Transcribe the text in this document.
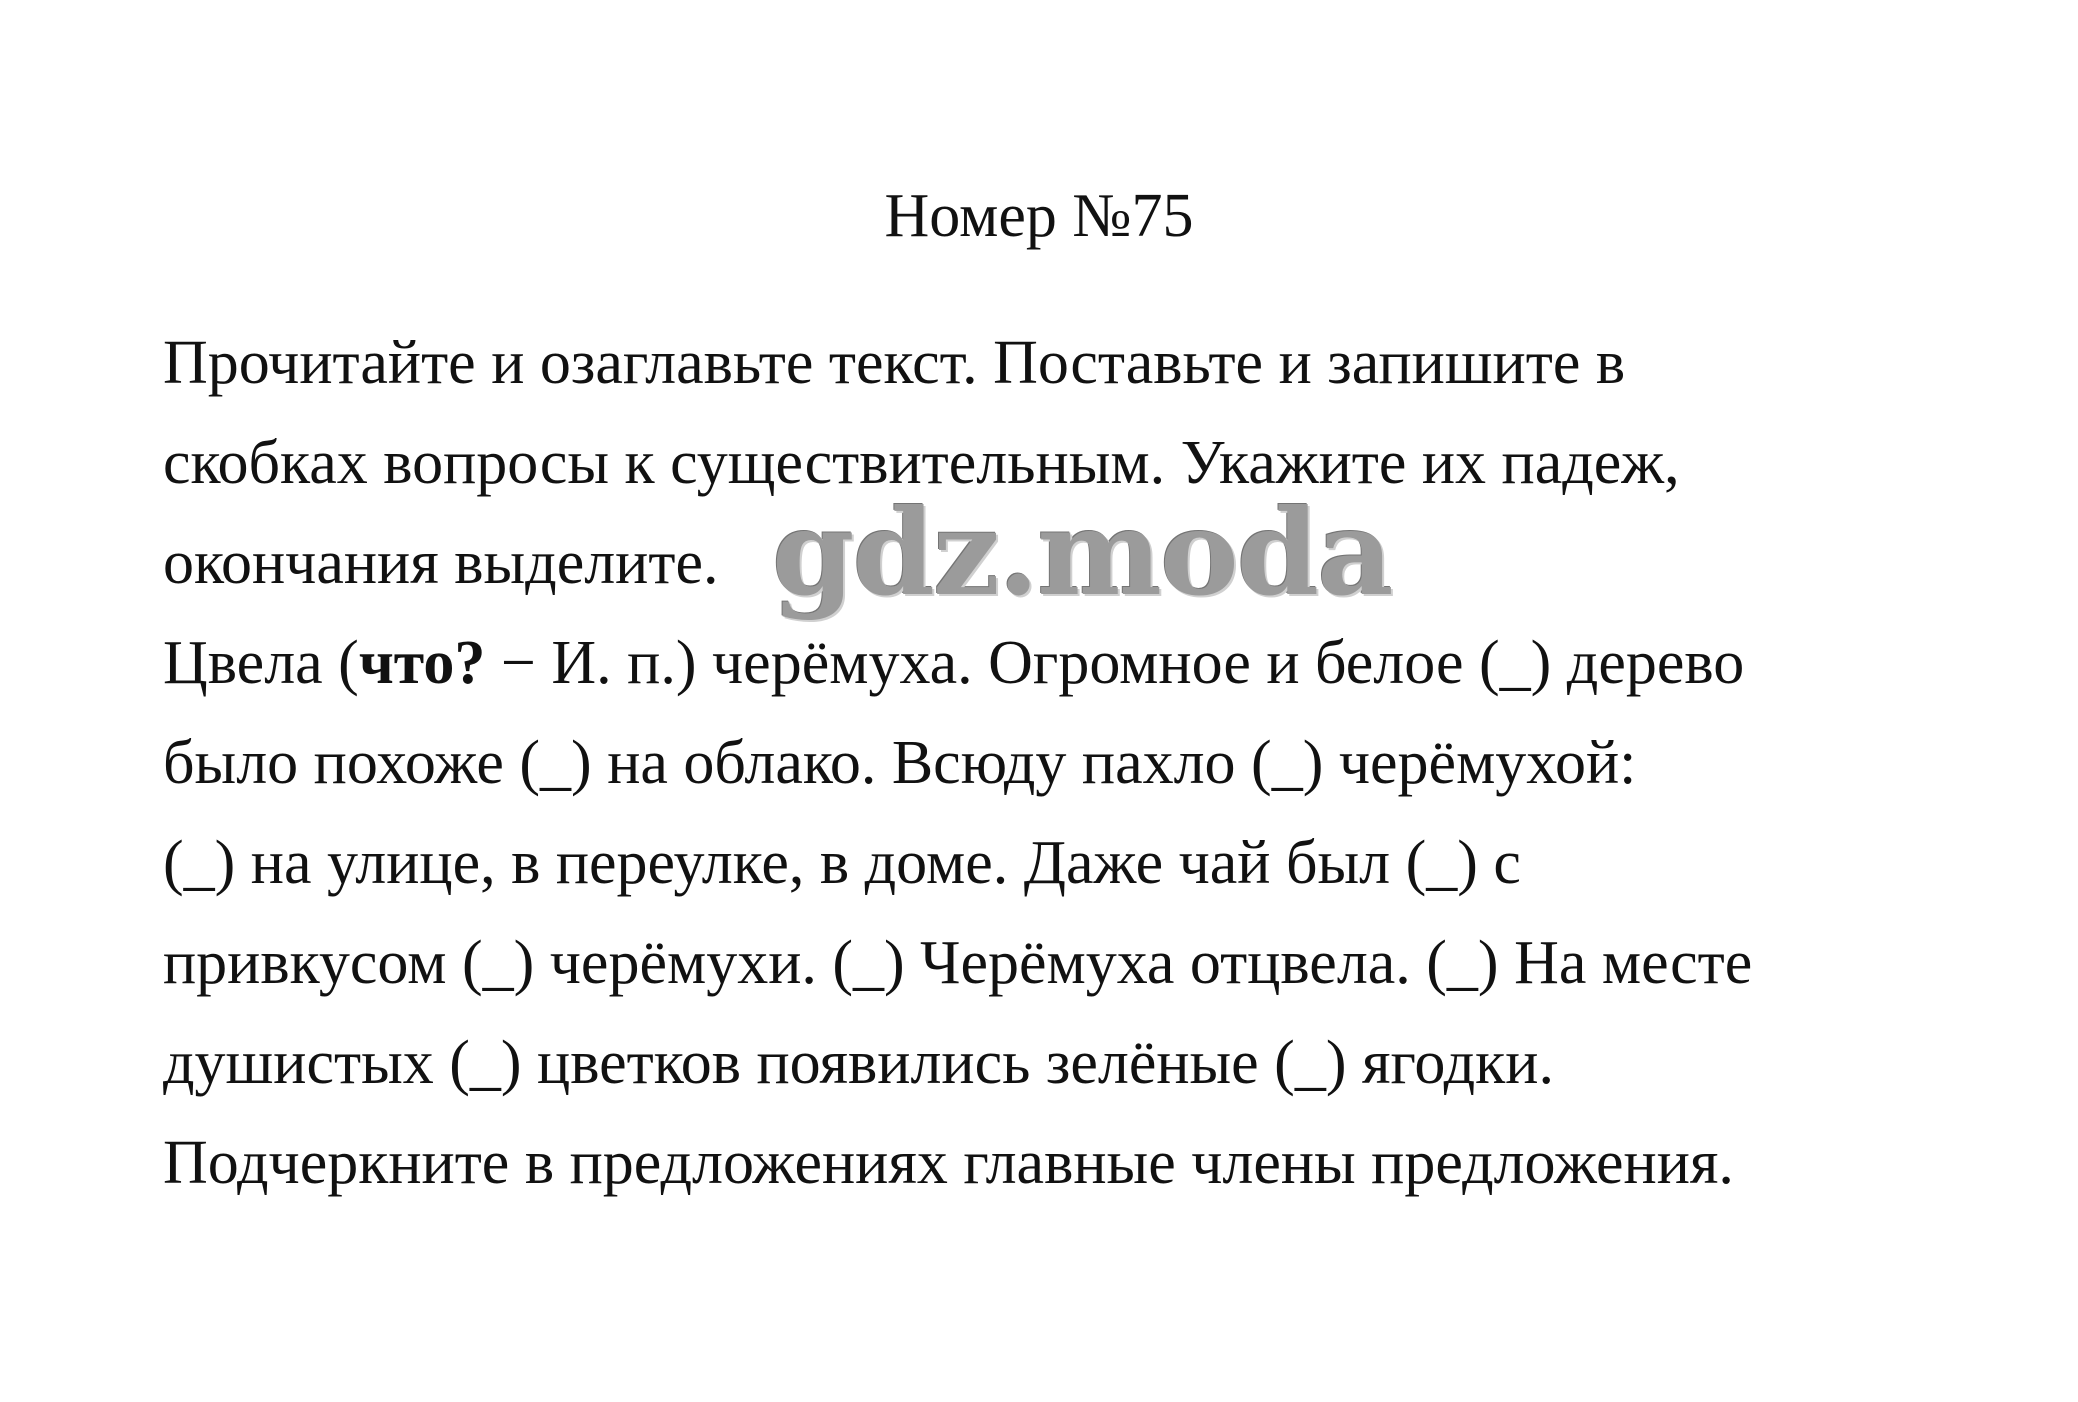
Номер №75
Прочитайте и озаглавьте текст. Поставьте и запишите в
скобках вопросы к существительным. Укажите их падеж,
окончания выделите.
Цвела (что? − И. п.) черёмуха. Огромное и белое (_) дерево
было похоже (_) на облако. Всюду пахло (_) черёмухой:
(_) на улице, в переулке, в доме. Даже чай был (_) с
привкусом (_) черёмухи. (_) Черёмуха отцвела. (_) На месте
душистых (_) цветков появились зелёные (_) ягодки.
Подчеркните в предложениях главные члены предложения.
gdz.moda
